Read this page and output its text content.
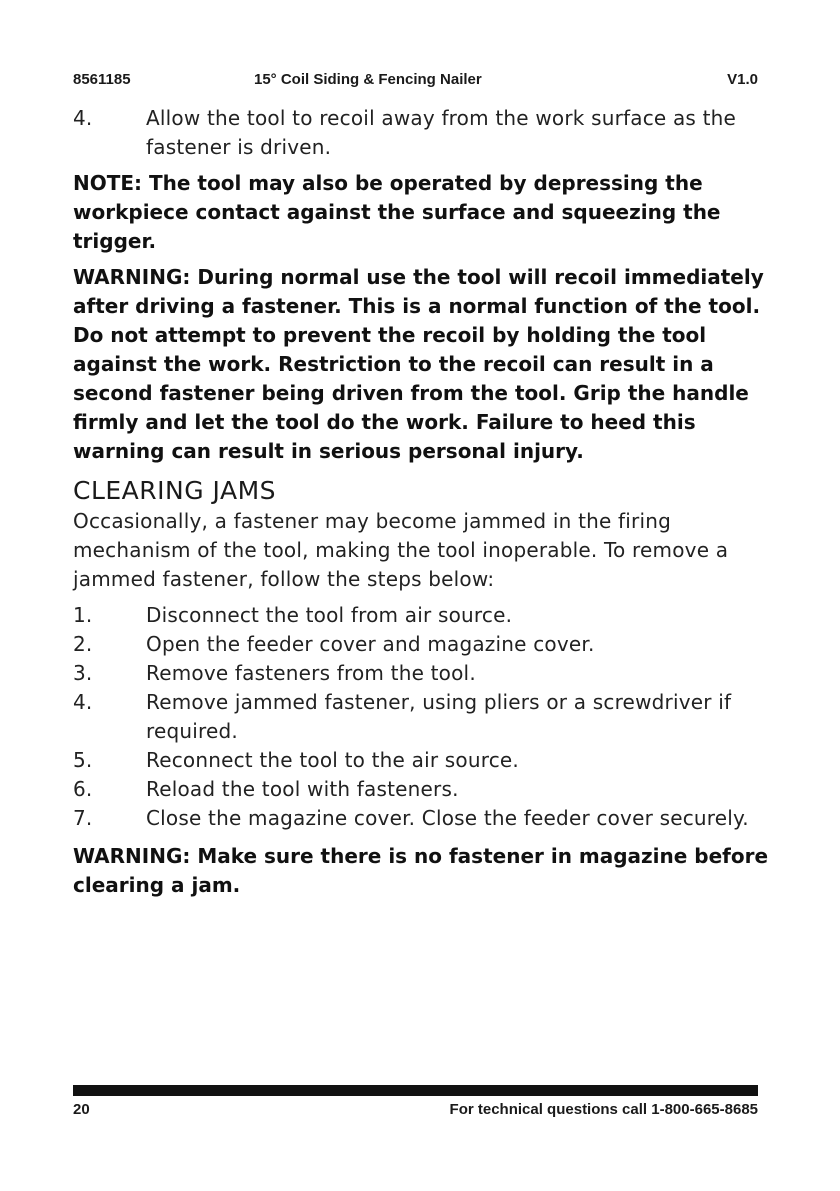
8561185	15° Coil Siding & Fencing Nailer	V1.0
4.	Allow the tool to recoil away from the work surface as the fastener is driven.

NOTE: The tool may also be operated by depressing the workpiece contact against the surface and squeezing the trigger.

WARNING: During normal use the tool will recoil immediately after driving a fastener. This is a normal function of the tool. Do not attempt to prevent the recoil by holding the tool against the work. Restriction to the recoil can result in a second fastener being driven from the tool. Grip the handle firmly and let the tool do the work. Failure to heed this warning can result in serious personal injury.

CLEARING JAMS
Occasionally, a fastener may become jammed in the firing mechanism of the tool, making the tool inoperable. To remove a jammed fastener, follow the steps below:
1.	Disconnect the tool from air source.
2.	Open the feeder cover and magazine cover.
3.	Remove fasteners from the tool.
4.	Remove jammed fastener, using pliers or a screwdriver if required.
5.	Reconnect the tool to the air source.
6.	Reload the tool with fasteners.
7.	Close the magazine cover. Close the feeder cover securely.

WARNING: Make sure there is no fastener in magazine before clearing a jam.

20	For technical questions call 1-800-665-8685
